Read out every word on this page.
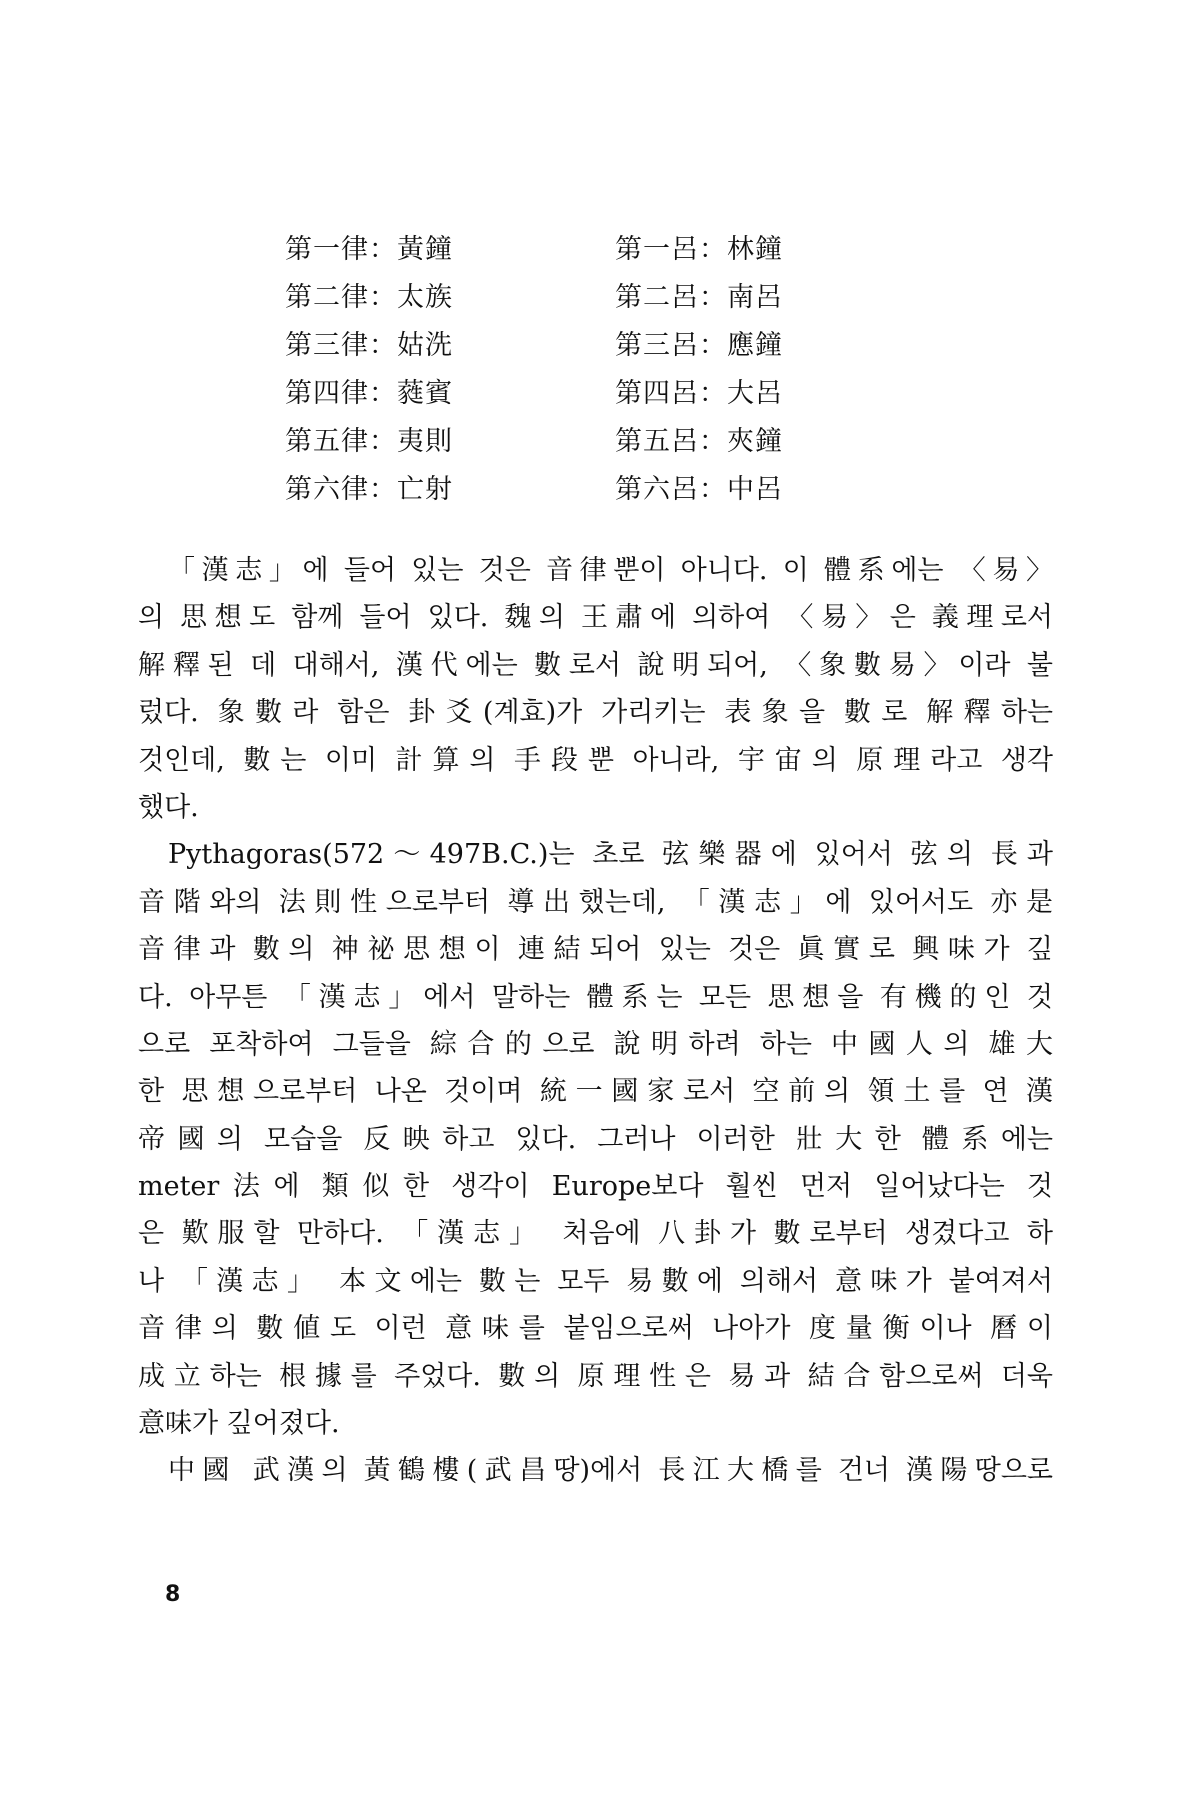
第一律：黃鐘	第一呂：林鐘
第二律：太族	第二呂：南呂
第三律：姑洗	第三呂：應鐘
第四律：蕤賓	第四呂：大呂
第五律：夷則	第五呂：夾鐘
第六律：亡射	第六呂：中呂
「漢志」에 들어 있는 것은 音律뿐이 아니다. 이 體系에는 〈易〉
의 思想도 함께 들어 있다. 魏의 王肅에 의하여 〈易〉은 義理로서
解釋된 데 대해서, 漢代에는 數로서 說明되어, 〈象數易〉이라 불
렀다. 象數라 함은 卦爻(계효)가 가리키는 表象을 數로 解釋하는
것인데, 數는 이미 計算의 手段뿐 아니라, 宇宙의 原理라고 생각
했다.
Pythagoras(572～497B.C.)는 초로 弦樂器에 있어서 弦의 長과
音階와의 法則性으로부터 導出했는데, 「漢志」에 있어서도 亦是
音律과 數의 神祕思想이 連結되어 있는 것은 眞實로 興味가 깊
다. 아무튼 「漢志」에서 말하는 體系는 모든 思想을 有機的인 것
으로 포착하여 그들을 綜合的으로 說明하려 하는 中國人의 雄大
한 思想으로부터 나온 것이며 統一國家로서 空前의 領土를 연 漢
帝國의 모습을 反映하고 있다. 그러나 이러한 壯大한 體系에는
meter法에 類似한 생각이 Europe보다 훨씬 먼저 일어났다는 것
은 歎服할 만하다. 「漢志」 처음에 八卦가 數로부터 생겼다고 하
나 「漢志」 本文에는 數는 모두 易數에 의해서 意味가 붙여져서
音律의 數値도 이런 意味를 붙임으로써 나아가 度量衡이나 曆이
成立하는 根據를 주었다. 數의 原理性은 易과 結合함으로써 더욱
意味가 깊어졌다.
中國 武漢의 黃鶴樓(武昌땅)에서 長江大橋를 건너 漢陽땅으로
8
